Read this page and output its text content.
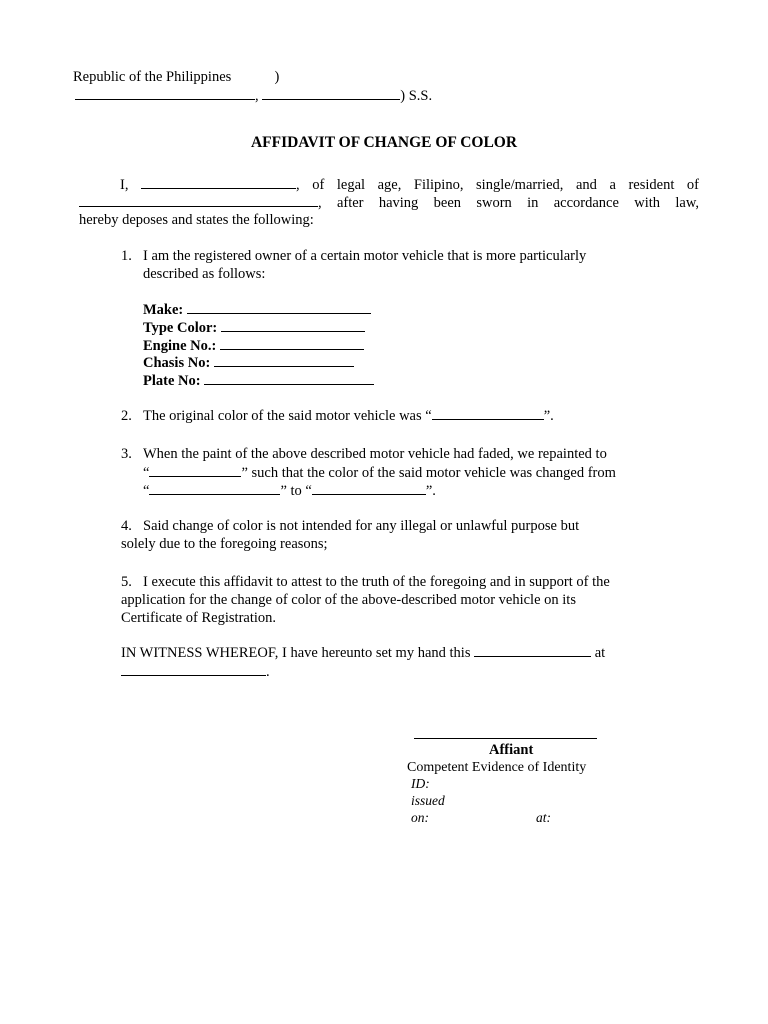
Republic of the Philippines	)
,	) S.S.
AFFIDAVIT OF CHANGE OF COLOR
I,	, of legal age, Filipino, single/married, and a resident of
, after having been sworn in accordance with law,
hereby deposes and states the following:
1. I am the registered owner of a certain motor vehicle that is more particularly
described as follows:
Make:
Type Color:
Engine No.:
Chasis No:
Plate No:
2. The original color of the said motor vehicle was “	”.
3. When the paint of the above described motor vehicle had faded, we repainted to
“	” such that the color of the said motor vehicle was changed from
“	” to “	”.
4. Said change of color is not intended for any illegal or unlawful purpose but
solely due to the foregoing reasons;
5. I execute this affidavit to attest to the truth of the foregoing and in support of the
application for the change of color of the above-described motor vehicle on its
Certificate of Registration.
IN WITNESS WHEREOF, I have hereunto set my hand this	at
.
Affiant
Competent Evidence of Identity
ID:
issued
on:	at:
